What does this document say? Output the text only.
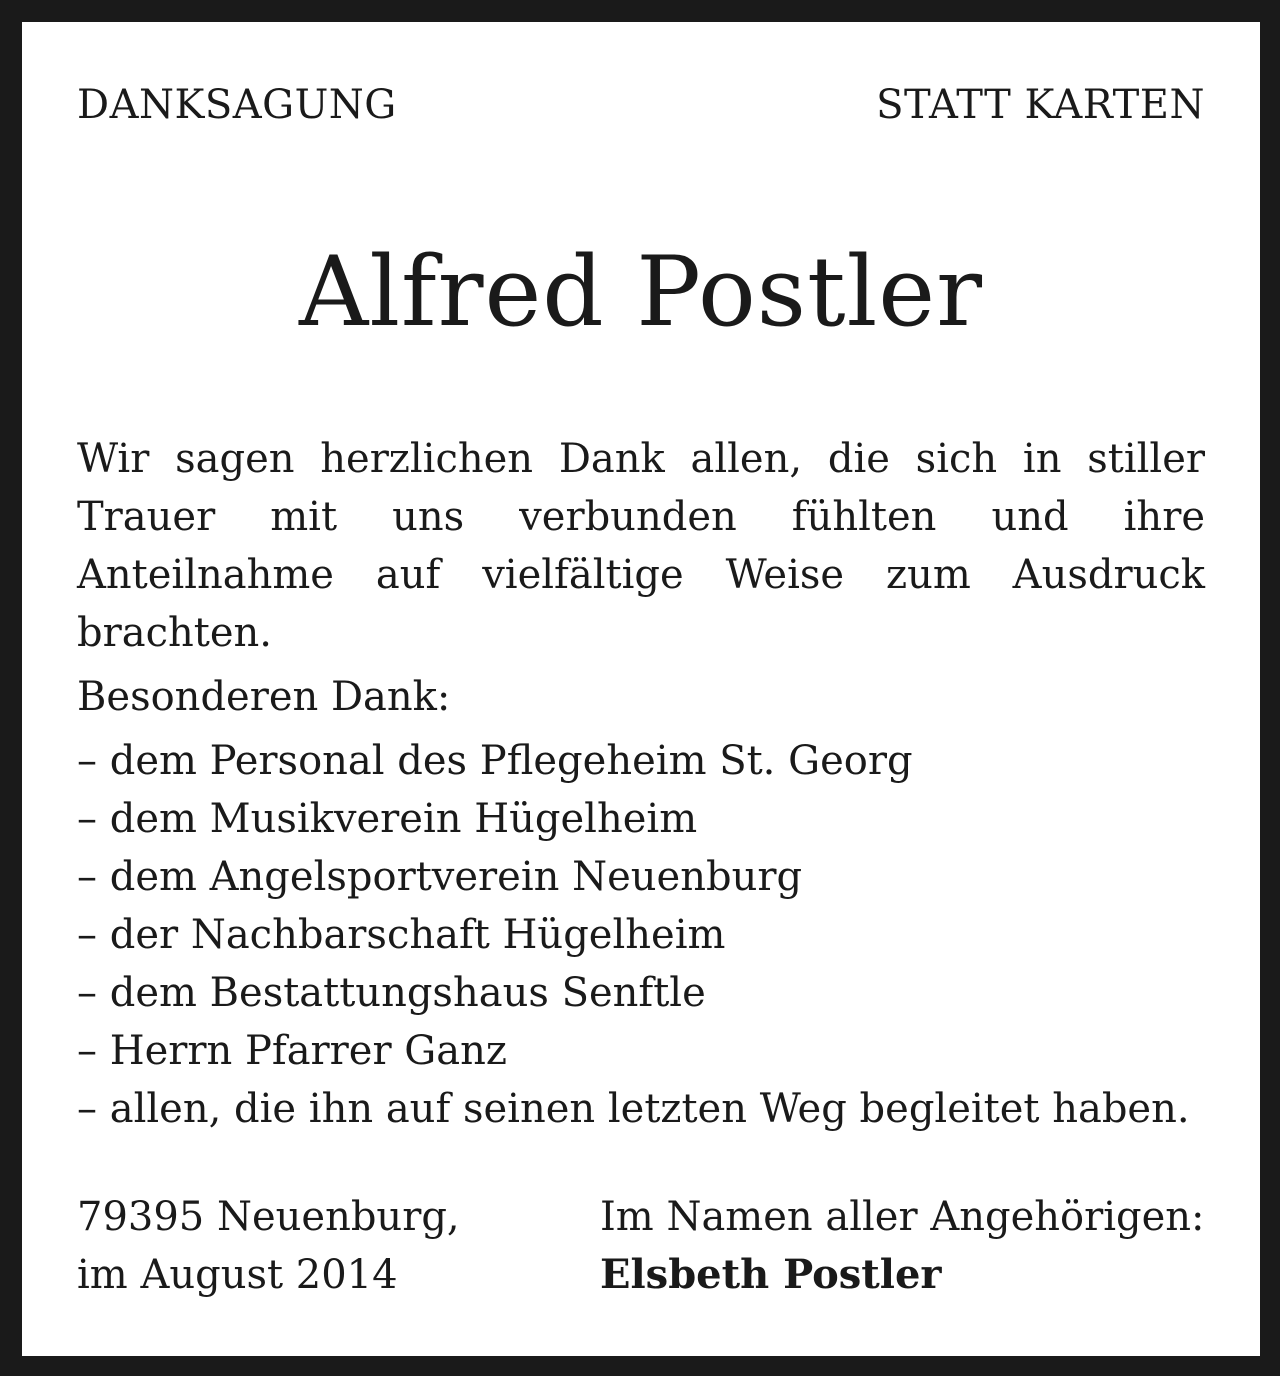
DANKSAGUNG	STATT KARTEN
Alfred Postler
Wir sagen herzlichen Dank allen, die sich in stiller Trauer mit uns verbunden fühlten und ihre Anteilnahme auf vielfältige Weise zum Ausdruck brachten.
Besonderen Dank:
– dem Personal des Pflegeheim St. Georg
– dem Musikverein Hügelheim
– dem Angelsportverein Neuenburg
– der Nachbarschaft Hügelheim
– dem Bestattungshaus Senftle
– Herrn Pfarrer Ganz
– allen, die ihn auf seinen letzten Weg begleitet haben.
79395 Neuenburg,
im August 2014
Im Namen aller Angehörigen:
Elsbeth Postler
